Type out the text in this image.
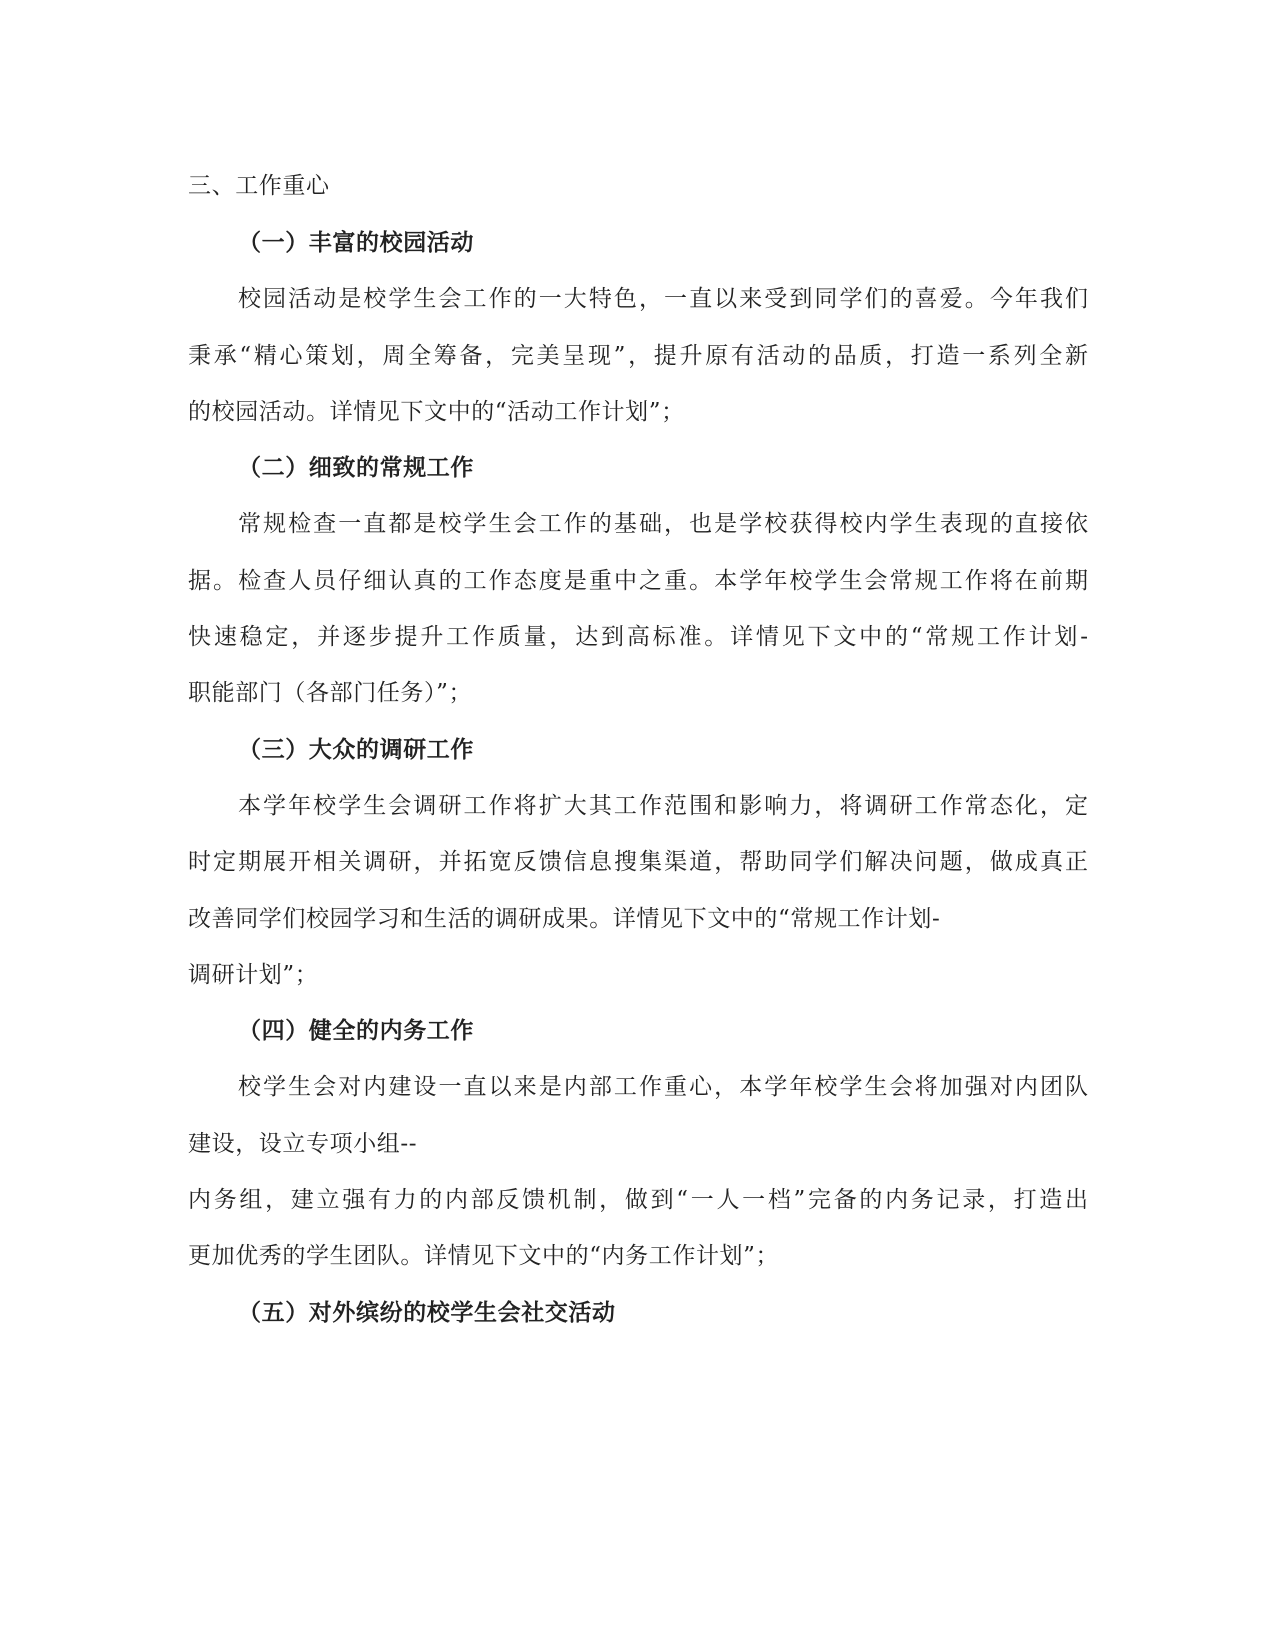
三、工作重心
（一）丰富的校园活动
校园活动是校学生会工作的一大特色，一直以来受到同学们的喜爱。今年我们
秉承“精心策划，周全筹备，完美呈现”，提升原有活动的品质，打造一系列全新
的校园活动。详情见下文中的“活动工作计划”；
（二）细致的常规工作
常规检查一直都是校学生会工作的基础，也是学校获得校内学生表现的直接依
据。检查人员仔细认真的工作态度是重中之重。本学年校学生会常规工作将在前期
快速稳定，并逐步提升工作质量，达到高标准。详情见下文中的“常规工作计划-
职能部门（各部门任务）”；
（三）大众的调研工作
本学年校学生会调研工作将扩大其工作范围和影响力，将调研工作常态化，定
时定期展开相关调研，并拓宽反馈信息搜集渠道，帮助同学们解决问题，做成真正
改善同学们校园学习和生活的调研成果。详情见下文中的“常规工作计划-
调研计划”；
（四）健全的内务工作
校学生会对内建设一直以来是内部工作重心，本学年校学生会将加强对内团队
建设，设立专项小组--
内务组，建立强有力的内部反馈机制，做到“一人一档”完备的内务记录，打造出
更加优秀的学生团队。详情见下文中的“内务工作计划”；
（五）对外缤纷的校学生会社交活动
